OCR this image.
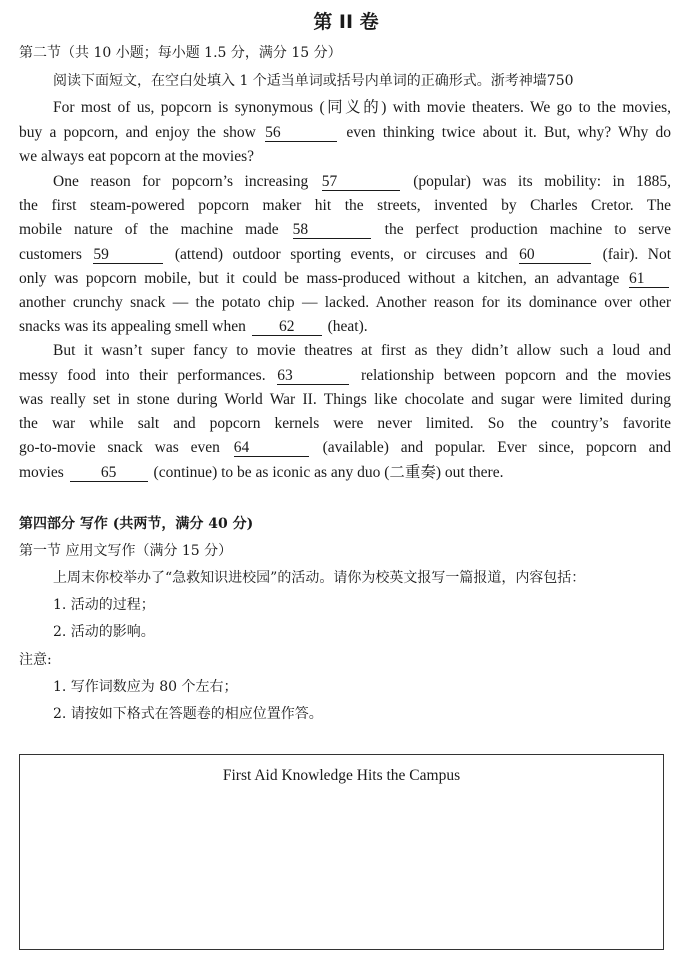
第 II 卷
第二节（共 10 小题；每小题 1.5 分，满分 15 分）
阅读下面短文，在空白处填入 1 个适当单词或括号内单词的正确形式。浙考神墙750
For most of us, popcorn is synonymous (同义的) with movie theaters. We go to the movies,
buy a popcorn, and enjoy the show 56	even thinking twice about it. But, why? Why do
we always eat popcorn at the movies?
One reason for popcorn’s increasing 57	(popular) was its mobility: in 1885,
the first steam-powered popcorn maker hit the streets, invented by Charles Cretor. The
mobile nature of the machine made 58	the perfect production machine to serve
customers 59	(attend) outdoor sporting events, or circuses and 60	(fair). Not
only was popcorn mobile, but it could be mass-produced without a kitchen, an advantage 61
another crunchy snack — the potato chip — lacked. Another reason for its dominance over other
snacks was its appealing smell when 62 (heat).
But it wasn’t super fancy to movie theatres at first as they didn’t allow such a loud and
messy food into their performances. 63	relationship between popcorn and the movies
was really set in stone during World War II. Things like chocolate and sugar were limited during
the war while salt and popcorn kernels were never limited. So the country’s favorite
go-to-movie snack was even 64	(available) and popular. Ever since, popcorn and
movies 65 (continue) to be as iconic as any duo (二重奏) out there.
第四部分 写作 (共两节，满分 40 分)
第一节 应用文写作（满分 15 分）
上周末你校举办了“急救知识进校园”的活动。请你为校英文报写一篇报道，内容包括：
1. 活动的过程；
2. 活动的影响。
注意:
1. 写作词数应为 80 个左右；
2. 请按如下格式在答题卷的相应位置作答。
First Aid Knowledge Hits the Campus
